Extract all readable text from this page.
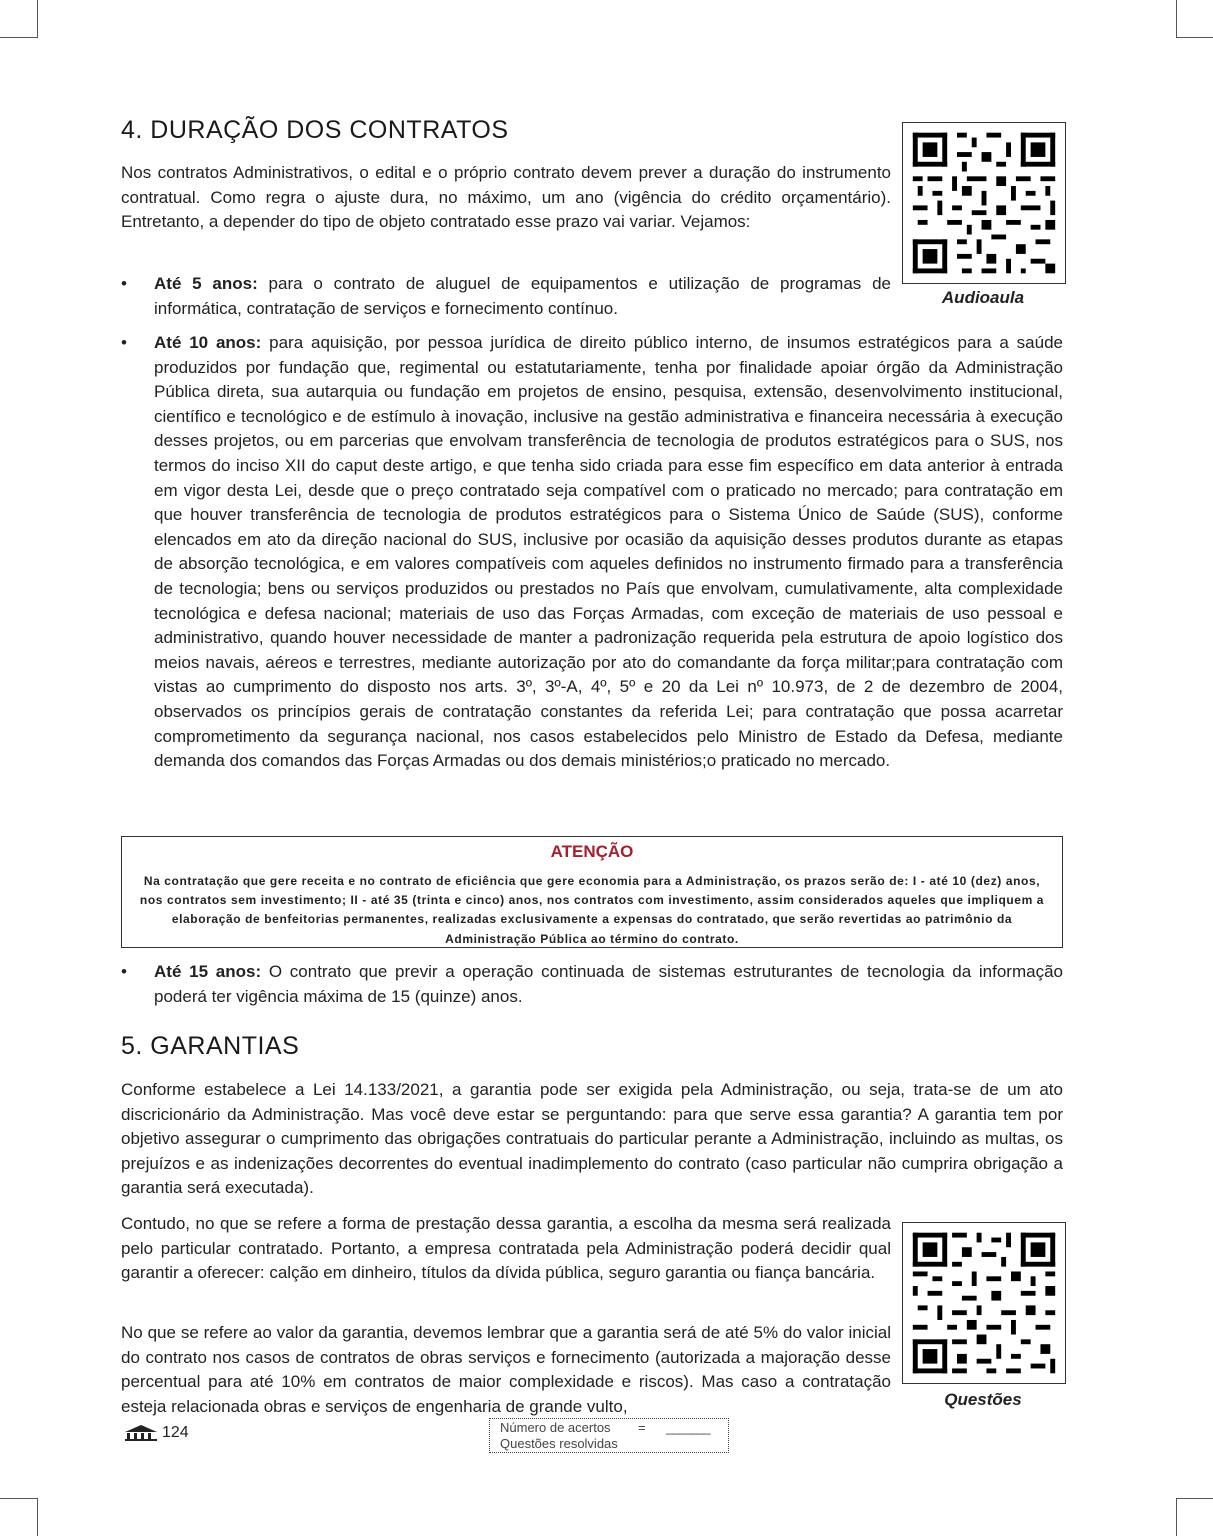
4. DURAÇÃO DOS CONTRATOS

Nos contratos Administrativos, o edital e o próprio contrato devem prever a duração do instrumento contratual. Como regra o ajuste dura, no máximo, um ano (vigência do crédito orçamentário). Entretanto, a depender do tipo de objeto contratado esse prazo vai variar. Vejamos:

Audioaula
• Até 5 anos: para o contrato de aluguel de equipamentos e utilização de programas de informática, contratação de serviços e fornecimento contínuo.
• Até 10 anos: para aquisição, por pessoa jurídica de direito público interno, de insumos estratégicos para a saúde produzidos por fundação que, regimental ou estatutariamente, tenha por finalidade apoiar órgão da Administração Pública direta, sua autarquia ou fundação em projetos de ensino, pesquisa, extensão, desenvolvimento institucional, científico e tecnológico e de estímulo à inovação, inclusive na gestão administrativa e financeira necessária à execução desses projetos, ou em parcerias que envolvam transferência de tecnologia de produtos estratégicos para o SUS, nos termos do inciso XII do caput deste artigo, e que tenha sido criada para esse fim específico em data anterior à entrada em vigor desta Lei, desde que o preço contratado seja compatível com o praticado no mercado; para contratação em que houver transferência de tecnologia de produtos estratégicos para o Sistema Único de Saúde (SUS), conforme elencados em ato da direção nacional do SUS, inclusive por ocasião da aquisição desses produtos durante as etapas de absorção tecnológica, e em valores compatíveis com aqueles definidos no instrumento firmado para a transferência de tecnologia; bens ou serviços produzidos ou prestados no País que envolvam, cumulativamente, alta complexidade tecnológica e defesa nacional; materiais de uso das Forças Armadas, com exceção de materiais de uso pessoal e administrativo, quando houver necessidade de manter a padronização requerida pela estrutura de apoio logístico dos meios navais, aéreos e terrestres, mediante autorização por ato do comandante da força militar;para contratação com vistas ao cumprimento do disposto nos arts. 3º, 3º-A, 4º, 5º e 20 da Lei nº 10.973, de 2 de dezembro de 2004, observados os princípios gerais de contratação constantes da referida Lei; para contratação que possa acarretar comprometimento da segurança nacional, nos casos estabelecidos pelo Ministro de Estado da Defesa, mediante demanda dos comandos das Forças Armadas ou dos demais ministérios;o praticado no mercado.
ATENÇÃO
Na contratação que gere receita e no contrato de eficiência que gere economia para a Administração, os prazos serão de: I - até 10 (dez) anos, nos contratos sem investimento; II - até 35 (trinta e cinco) anos, nos contratos com investimento, assim considerados aqueles que impliquem a elaboração de benfeitorias permanentes, realizadas exclusivamente a expensas do contratado, que serão revertidas ao patrimônio da Administração Pública ao término do contrato.
• Até 15 anos: O contrato que previr a operação continuada de sistemas estruturantes de tecnologia da informação poderá ter vigência máxima de 15 (quinze) anos.
5. GARANTIAS

Conforme estabelece a Lei 14.133/2021, a garantia pode ser exigida pela Administração, ou seja, trata-se de um ato discricionário da Administração. Mas você deve estar se perguntando: para que serve essa garantia? A garantia tem por objetivo assegurar o cumprimento das obrigações contratuais do particular perante a Administração, incluindo as multas, os prejuízos e as indenizações decorrentes do eventual inadimplemento do contrato (caso particular não cumprira obrigação a garantia será executada).

Contudo, no que se refere a forma de prestação dessa garantia, a escolha da mesma será realizada pelo particular contratado. Portanto, a empresa contratada pela Administração poderá decidir qual garantir a oferecer: calção em dinheiro, títulos da dívida pública, seguro garantia ou fiança bancária.

No que se refere ao valor da garantia, devemos lembrar que a garantia será de até 5% do valor inicial do contrato nos casos de contratos de obras serviços e fornecimento (autorizada a majoração desse percentual para até 10% em contratos de maior complexidade e riscos). Mas caso a contratação esteja relacionada obras e serviços de engenharia de grande vulto,	Questões
124	Número de acertos = _______
Questões resolvidas
